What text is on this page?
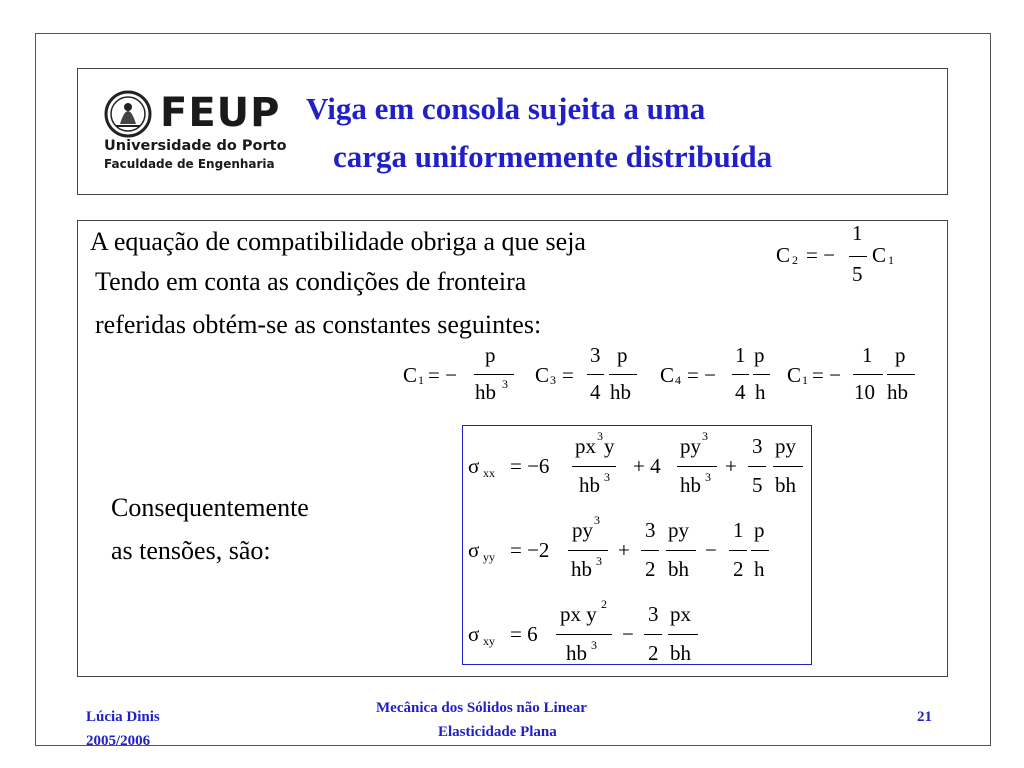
FEUP
Universidade do Porto
Faculdade de Engenharia
Viga em consola sujeita a uma
carga uniformemente distribuída
A equação de compatibilidade obriga a que seja
Tendo em conta as condições de fronteira
referidas obtém-se as constantes seguintes:
Consequentemente
as tensões, são:
C 2 = −
1
5
C 1
C 1 = −
p
hb 3 C 3 =
3
4
p
hb
C 4 = −
1
4
p
h
C 1 = −
1
10
p
hb
σ xx = −6
px 3 y
hb 3 + 4
py 3
hb 3 +
3
5
py
bh
σ yy = −2
py 3
hb 3 +
3
2
py
bh
−
1
2
p
h
σ xy = 6
px y 2
hb 3 −
3
2
px
bh
Lúcia Dinis
2005/2006
Mecânica dos Sólidos não Linear
Elasticidade Plana
21
